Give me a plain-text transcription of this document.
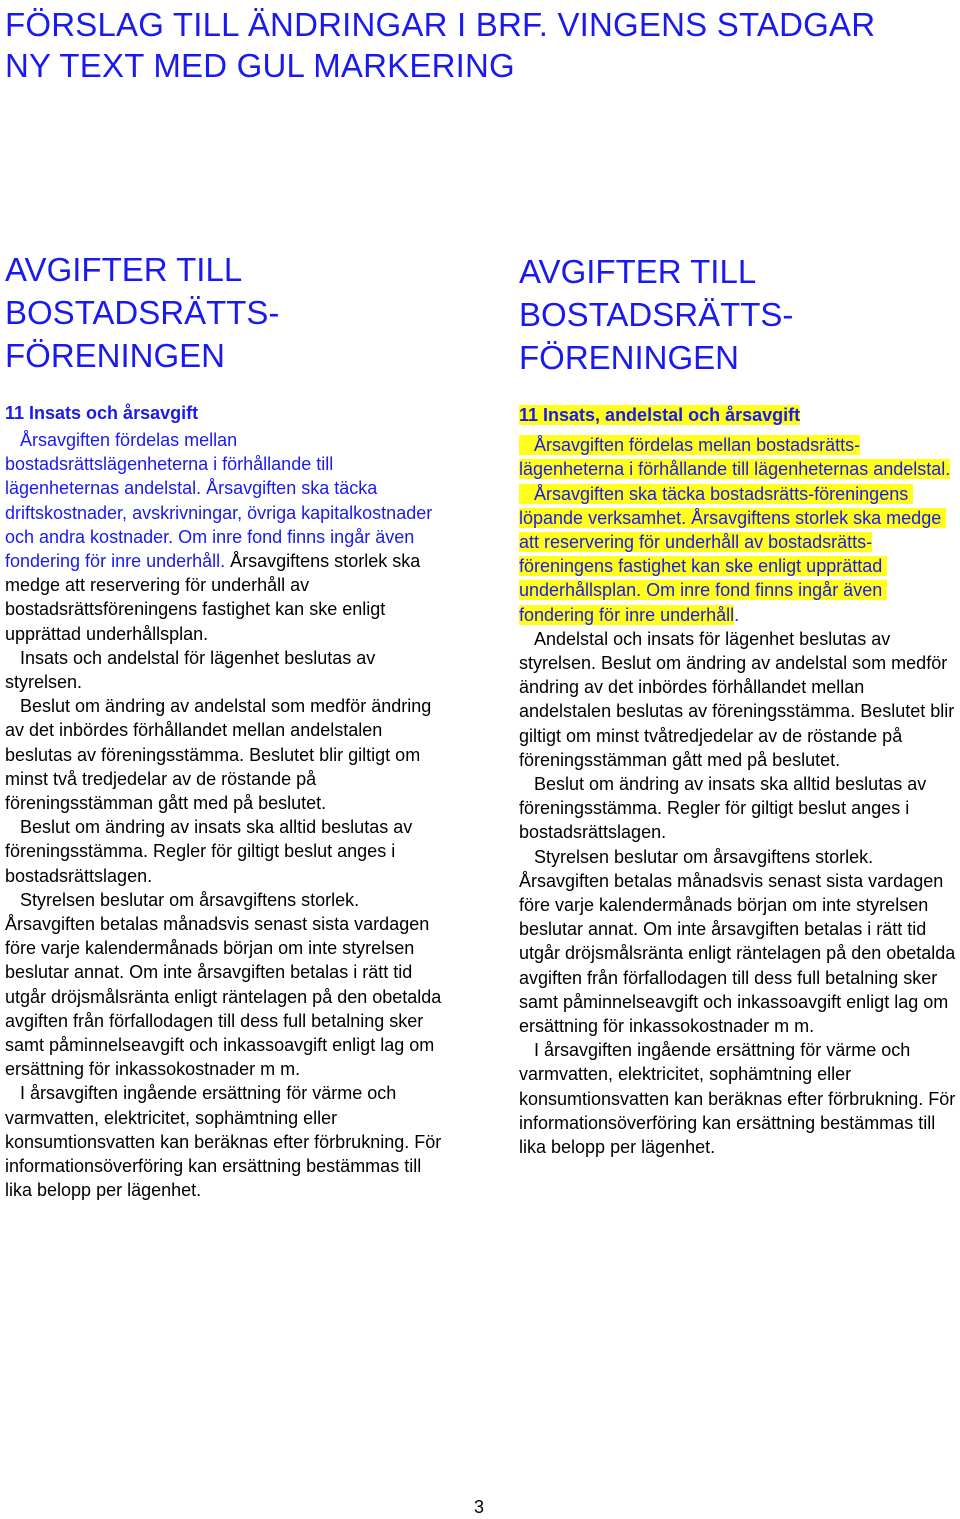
FÖRSLAG TILL ÄNDRINGAR I BRF. VINGENS STADGAR
NY TEXT MED GUL MARKERING
AVGIFTER TILL
BOSTADSRÄTTS-
FÖRENINGEN
11 Insats och årsavgift

Årsavgiften fördelas mellan bostadsrättslägenheterna i förhållande till lägenheternas andelstal. Årsavgiften ska täcka driftskostnader, avskrivningar, övriga kapitalkostnader och andra kostnader. Om inre fond finns ingår även fondering för inre underhåll. Årsavgiftens storlek ska medge att reservering för underhåll av bostadsrättsföreningens fastighet kan ske enligt upprättad underhållsplan.

Insats och andelstal för lägenhet beslutas av styrelsen.

Beslut om ändring av andelstal som medför ändring av det inbördes förhållandet mellan andelstalen beslutas av föreningsstämma. Beslutet blir giltigt om minst två tredjedelar av de röstande på föreningsstämman gått med på beslutet.

Beslut om ändring av insats ska alltid beslutas av föreningsstämma. Regler för giltigt beslut anges i bostadsrättslagen.

Styrelsen beslutar om årsavgiftens storlek. Årsavgiften betalas månadsvis senast sista vardagen före varje kalendermånads början om inte styrelsen beslutar annat. Om inte årsavgiften betalas i rätt tid utgår dröjsmålsränta enligt räntelagen på den obetalda avgiften från förfallodagen till dess full betalning sker samt påminnelseavgift och inkassoavgift enligt lag om ersättning för inkassokostnader m m.

I årsavgiften ingående ersättning för värme och varmvatten, elektricitet, sophämtning eller konsumtionsvatten kan beräknas efter förbrukning. För informationsöverföring kan ersättning bestämmas till lika belopp per lägenhet.

AVGIFTER TILL
BOSTADSRÄTTS-
FÖRENINGEN
11 Insats, andelstal och årsavgift

Årsavgiften fördelas mellan bostadsrätts-lägenheterna i förhållande till lägenheternas andelstal.

Årsavgiften ska täcka bostadsrätts-föreningens löpande verksamhet. Årsavgiftens storlek ska medge att reservering för underhåll av bostadsrätts-föreningens fastighet kan ske enligt upprättad underhållsplan. Om inre fond finns ingår även fondering för inre underhåll.

Andelstal och insats för lägenhet beslutas av styrelsen. Beslut om ändring av andelstal som medför ändring av det inbördes förhållandet mellan andelstalen beslutas av föreningsstämma. Beslutet blir giltigt om minst tvåtredjedelar av de röstande på föreningsstämman gått med på beslutet.

Beslut om ändring av insats ska alltid beslutas av föreningsstämma. Regler för giltigt beslut anges i bostadsrättslagen.

Styrelsen beslutar om årsavgiftens storlek. Årsavgiften betalas månadsvis senast sista vardagen före varje kalendermånads början om inte styrelsen beslutar annat. Om inte årsavgiften betalas i rätt tid utgår dröjsmålsränta enligt räntelagen på den obetalda avgiften från förfallodagen till dess full betalning sker samt påminnelseavgift och inkassoavgift enligt lag om ersättning för inkassokostnader m m.

I årsavgiften ingående ersättning för värme och varmvatten, elektricitet, sophämtning eller konsumtionsvatten kan beräknas efter förbrukning. För informationsöverföring kan ersättning bestämmas till lika belopp per lägenhet.

3
